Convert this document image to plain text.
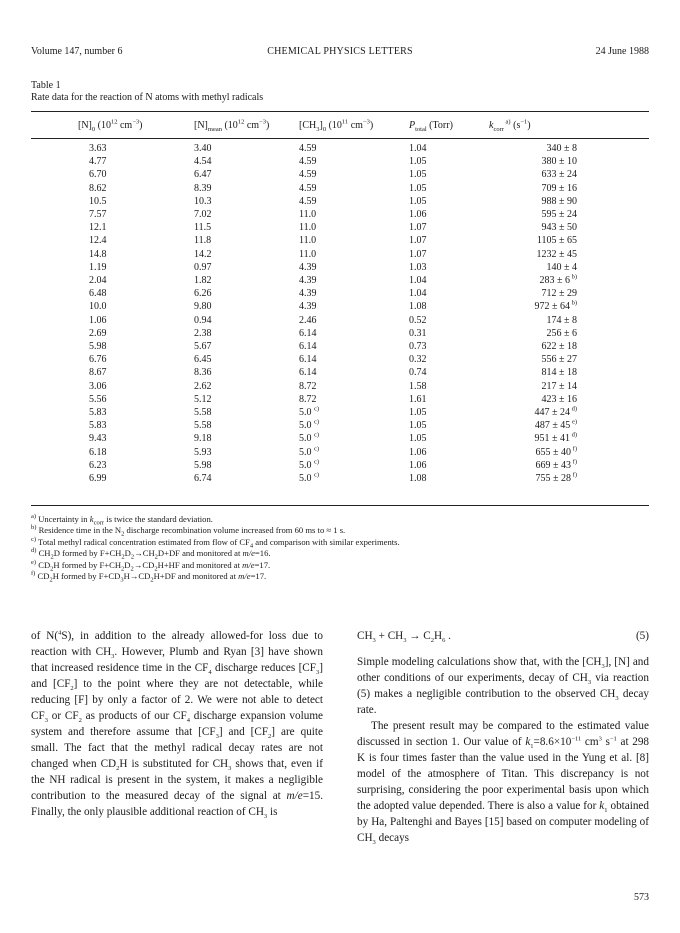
Volume 147, number 6	CHEMICAL PHYSICS LETTERS	24 June 1988
Table 1
Rate data for the reaction of N atoms with methyl radicals
$[N]_0$ ($10^{12}$ $cm^{-3}$)	$[N]_{mean}$ ($10^{12}$ $cm^{-3}$)	$[CH_3]_0$ ($10^{11}$ $cm^{-3}$)	$P_{total}$ (Torr)	$k_{corr}$ $^{a)}$ $(s^{-1})$
3.63	3.40	4.59	1.04	340 ± 8
4.77	4.54	4.59	1.05	380 ± 10
6.70	6.47	4.59	1.05	633 ± 24
8.62	8.39	4.59	1.05	709 ± 16
10.5	10.3	4.59	1.05	988 ± 90
7.57	7.02	11.0	1.06	595 ± 24
12.1	11.5	11.0	1.07	943 ± 50
12.4	11.8	11.0	1.07	1105 ± 65
14.8	14.2	11.0	1.07	1232 ± 45
1.19	0.97	4.39	1.03	140 ± 4
2.04	1.82	4.39	1.04	283 ± 6 $^{b)}$
6.48	6.26	4.39	1.04	712 ± 29
10.0	9.80	4.39	1.08	972 ± 64 $^{b)}$
1.06	0.94	2.46	0.52	174 ± 8
2.69	2.38	6.14	0.31	256 ± 6
5.98	5.67	6.14	0.73	622 ± 18
6.76	6.45	6.14	0.32	556 ± 27
8.67	8.36	6.14	0.74	814 ± 18
3.06	2.62	8.72	1.58	217 ± 14
5.56	5.12	8.72	1.61	423 ± 16
5.83	5.58	5.0 $^{c)}$	1.05	447 ± 24 $^{d)}$
5.83	5.58	5.0 $^{c)}$	1.05	487 ± 45 $^{e)}$
9.43	9.18	5.0 $^{c)}$	1.05	951 ± 41 $^{d)}$
6.18	5.93	5.0 $^{c)}$	1.06	655 ± 40 $^{f)}$
6.23	5.98	5.0 $^{c)}$	1.06	669 ± 43 $^{f)}$
6.99	6.74	5.0 $^{c)}$	1.08	755 ± 28 $^{f)}$
$^{a)}$ Uncertainty in $k_{corr}$ is twice the standard deviation.
$^{b)}$ Residence time in the $N_2$ discharge recombination volume increased from 60 ms to ≈ 1 s.
$^{c)}$ Total methyl radical concentration estimated from flow of $CF_4$ and comparison with similar experiments.
$^{d)}$ $CH_2D$ formed by $F+CH_2D_2\to CH_2D+DF$ and monitored at m/e=16.
$^{e)}$ $CD_2H$ formed by $F+CH_2D_2\to CD_2H+HF$ and monitored at m/e=17.
$^{f)}$ $CD_2H$ formed by $F+CD_3H\to CD_2H+DF$ and monitored at m/e=17.

of N($^4$S), in addition to the already allowed-for loss due to reaction with $CH_3$. However, Plumb and Ryan [3] have shown that increased residence time in the $CF_4$ discharge reduces $[CF_3]$ and $[CF_2]$ to the point where they are not detectable, while reducing [F] by only a factor of 2. We were not able to detect $CF_3$ or $CF_2$ as products of our $CF_4$ discharge expansion volume system and therefore assume that $[CF_3]$ and $[CF_2]$ are quite small. The fact that the methyl radical decay rates are not changed when $CD_2H$ is substituted for $CH_3$ shows that, even if the NH radical is present in the system, it makes a negligible contribution to the measured decay of the signal at m/e=15. Finally, the only plausible additional reaction of $CH_3$ is

$CH_3 + CH_3 \to C_2H_6$ .	(5)

Simple modeling calculations show that, with the $[CH_3]$, [N] and other conditions of our experiments, decay of $CH_3$ via reaction (5) makes a negligible contribution to the observed $CH_3$ decay rate.

The present result may be compared to the estimated value discussed in section 1. Our value of $k_1=8.6\times 10^{-11}$ $cm^3$ $s^{-1}$ at 298 K is four times faster than the value used in the Yung et al. [8] model of the atmosphere of Titan. This discrepancy is not surprising, considering the poor experimental basis upon which the adopted value depended. There is also a value for $k_1$ obtained by Ha, Paltenghi and Bayes [15] based on computer modeling of $CH_3$ decays

573
